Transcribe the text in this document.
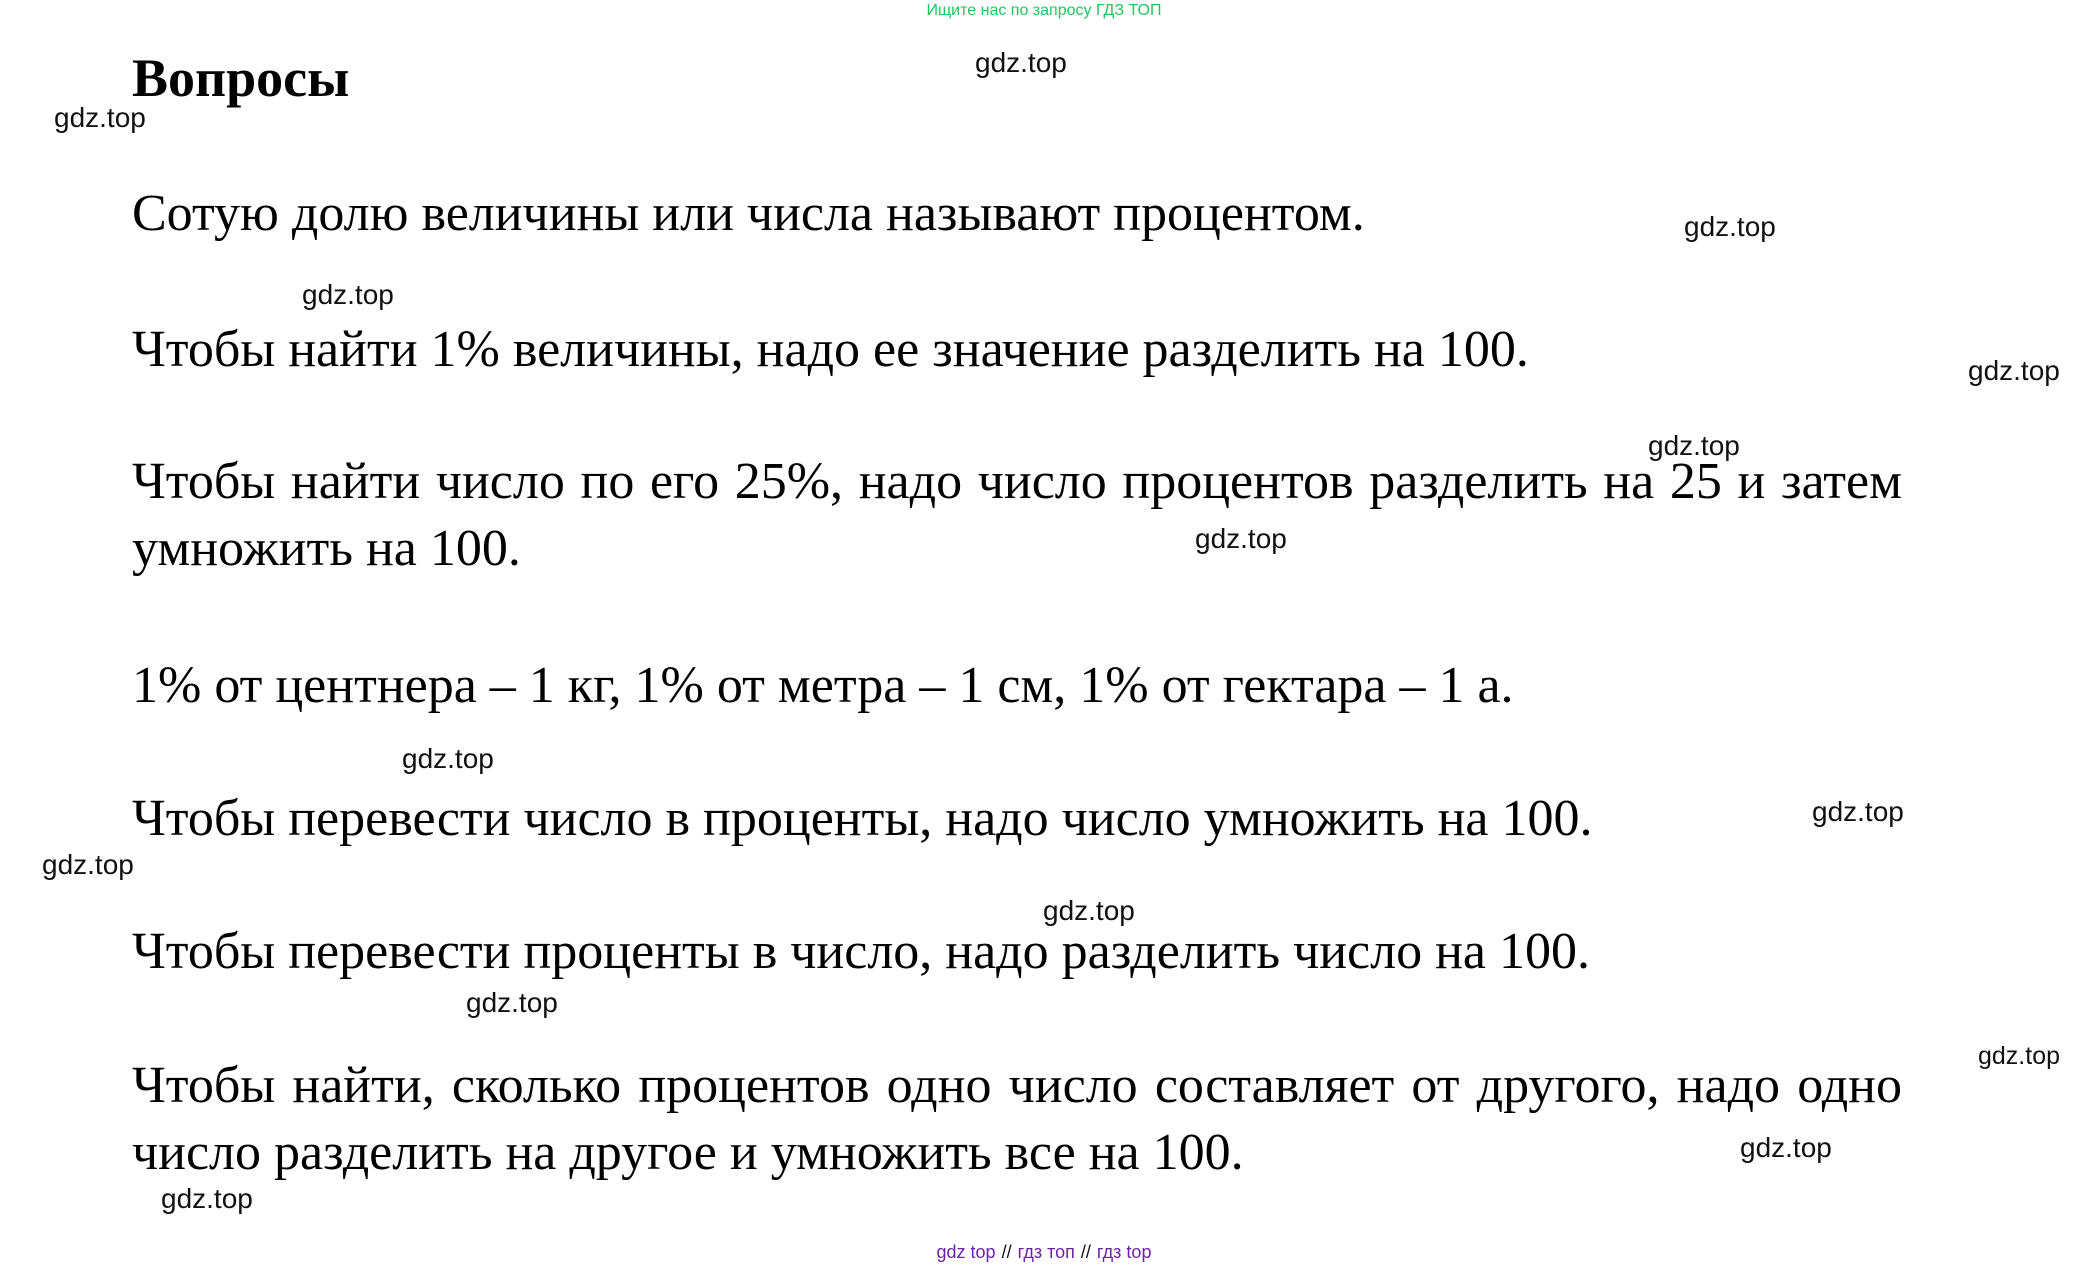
Ищите нас по запросу ГДЗ ТОП
Вопросы

Сотую долю величины или числа называют процентом.

Чтобы найти 1% величины, надо ее значение разделить на 100.

Чтобы найти число по его 25%, надо число процентов разделить на 25 и затем умножить на 100.

1% от центнера – 1 кг, 1% от метра – 1 см, 1% от гектара – 1 а.

Чтобы перевести число в проценты, надо число умножить на 100.

Чтобы перевести проценты в число, надо разделить число на 100.

Чтобы найти, сколько процентов одно число составляет от другого, надо одно число разделить на другое и умножить все на 100.

gdz.top
gdz.top
gdz.top
gdz.top
gdz.top
gdz.top
gdz.top
gdz.top
gdz.top
gdz.top
gdz.top
gdz.top
gdz.top
gdz.top
gdz.top
gdz top // гдз топ // гдз top
